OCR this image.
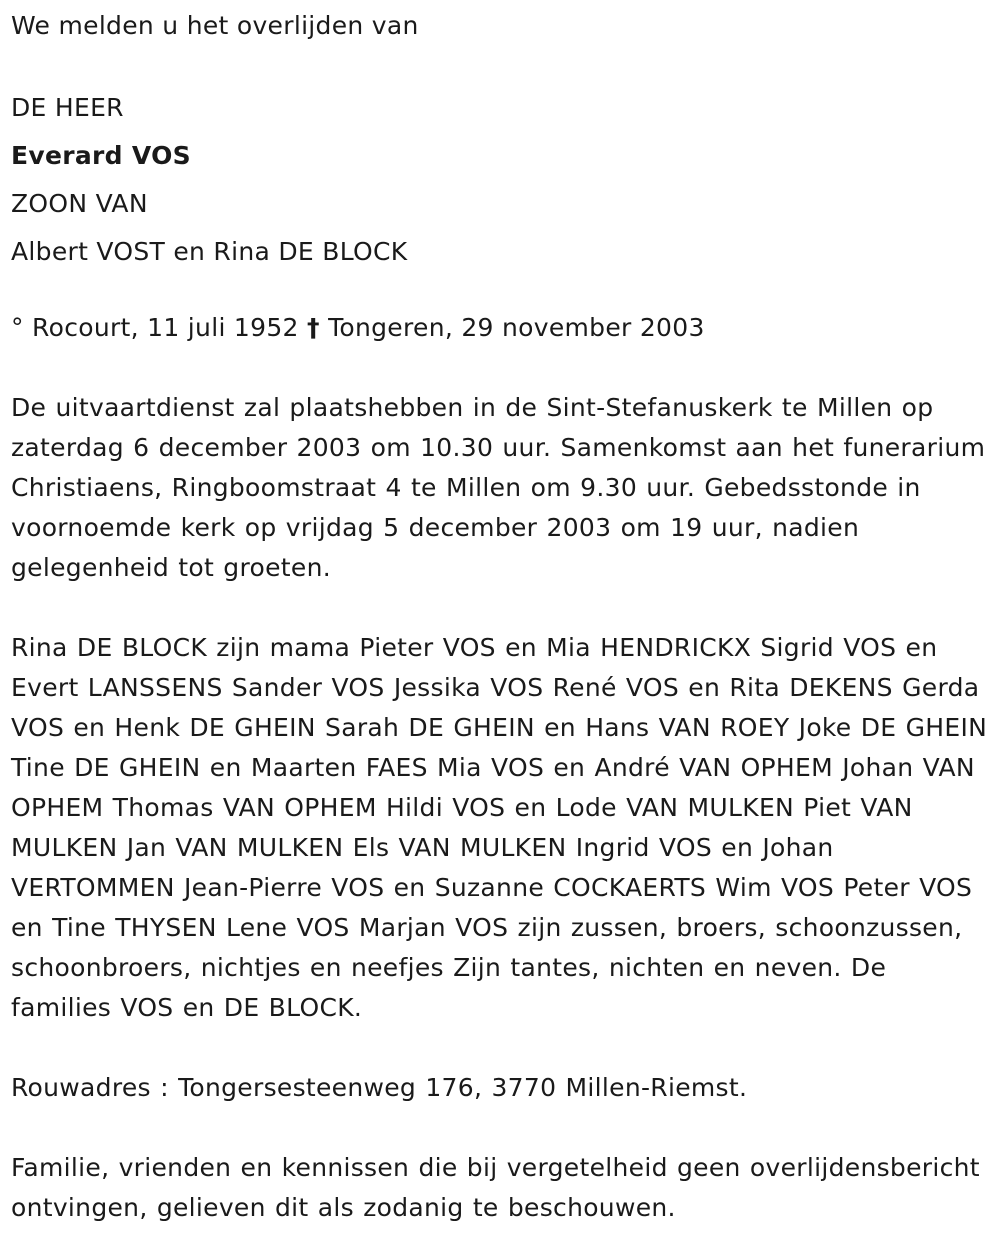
We melden u het overlijden van
DE HEER
Everard VOS
ZOON VAN
Albert VOST en Rina DE BLOCK
° Rocourt, 11 juli 1952 † Tongeren, 29 november 2003

De uitvaartdienst zal plaatshebben in de Sint-Stefanuskerk te Millen op zaterdag 6 december 2003 om 10.30 uur. Samenkomst aan het funerarium Christiaens, Ringboomstraat 4 te Millen om 9.30 uur. Gebedsstonde in voornoemde kerk op vrijdag 5 december 2003 om 19 uur, nadien gelegenheid tot groeten.

Rina DE BLOCK zijn mama Pieter VOS en Mia HENDRICKX Sigrid VOS en Evert LANSSENS Sander VOS Jessika VOS René VOS en Rita DEKENS Gerda VOS en Henk DE GHEIN Sarah DE GHEIN en Hans VAN ROEY Joke DE GHEIN Tine DE GHEIN en Maarten FAES Mia VOS en André VAN OPHEM Johan VAN OPHEM Thomas VAN OPHEM Hildi VOS en Lode VAN MULKEN Piet VAN MULKEN Jan VAN MULKEN Els VAN MULKEN Ingrid VOS en Johan VERTOMMEN Jean-Pierre VOS en Suzanne COCKAERTS Wim VOS Peter VOS en Tine THYSEN Lene VOS Marjan VOS zijn zussen, broers, schoonzussen, schoonbroers, nichtjes en neefjes Zijn tantes, nichten en neven. De families VOS en DE BLOCK.

Rouwadres : Tongersesteenweg 176, 3770 Millen-Riemst.

Familie, vrienden en kennissen die bij vergetelheid geen overlijdensbericht ontvingen, gelieven dit als zodanig te beschouwen.
